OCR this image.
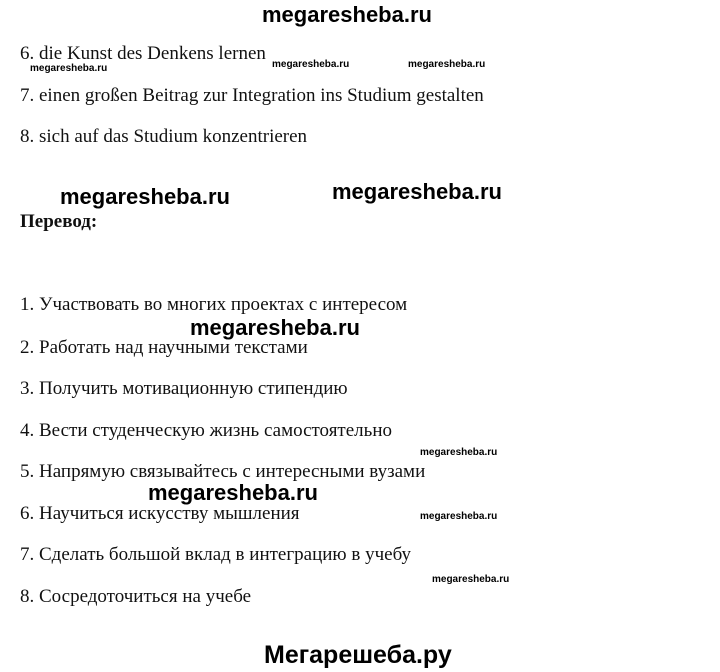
megaresheba.ru
6. die Kunst des Denkens lernen
megaresheba.ru	megaresheba.ru	megaresheba.ru
7. einen großen Beitrag zur Integration ins Studium gestalten
8. sich auf das Studium konzentrieren
megaresheba.ru	megaresheba.ru
Перевод:
1. Участвовать во многих проектах с интересом
megaresheba.ru
2. Работать над научными текстами
3. Получить мотивационную стипендию
4. Вести студенческую жизнь самостоятельно
megaresheba.ru
5. Напрямую связывайтесь с интересными вузами
megaresheba.ru
6. Научиться искусству мышления	megaresheba.ru
7. Сделать большой вклад в интеграцию в учебу
megaresheba.ru
8. Сосредоточиться на учебе
Мегарешеба.ру
